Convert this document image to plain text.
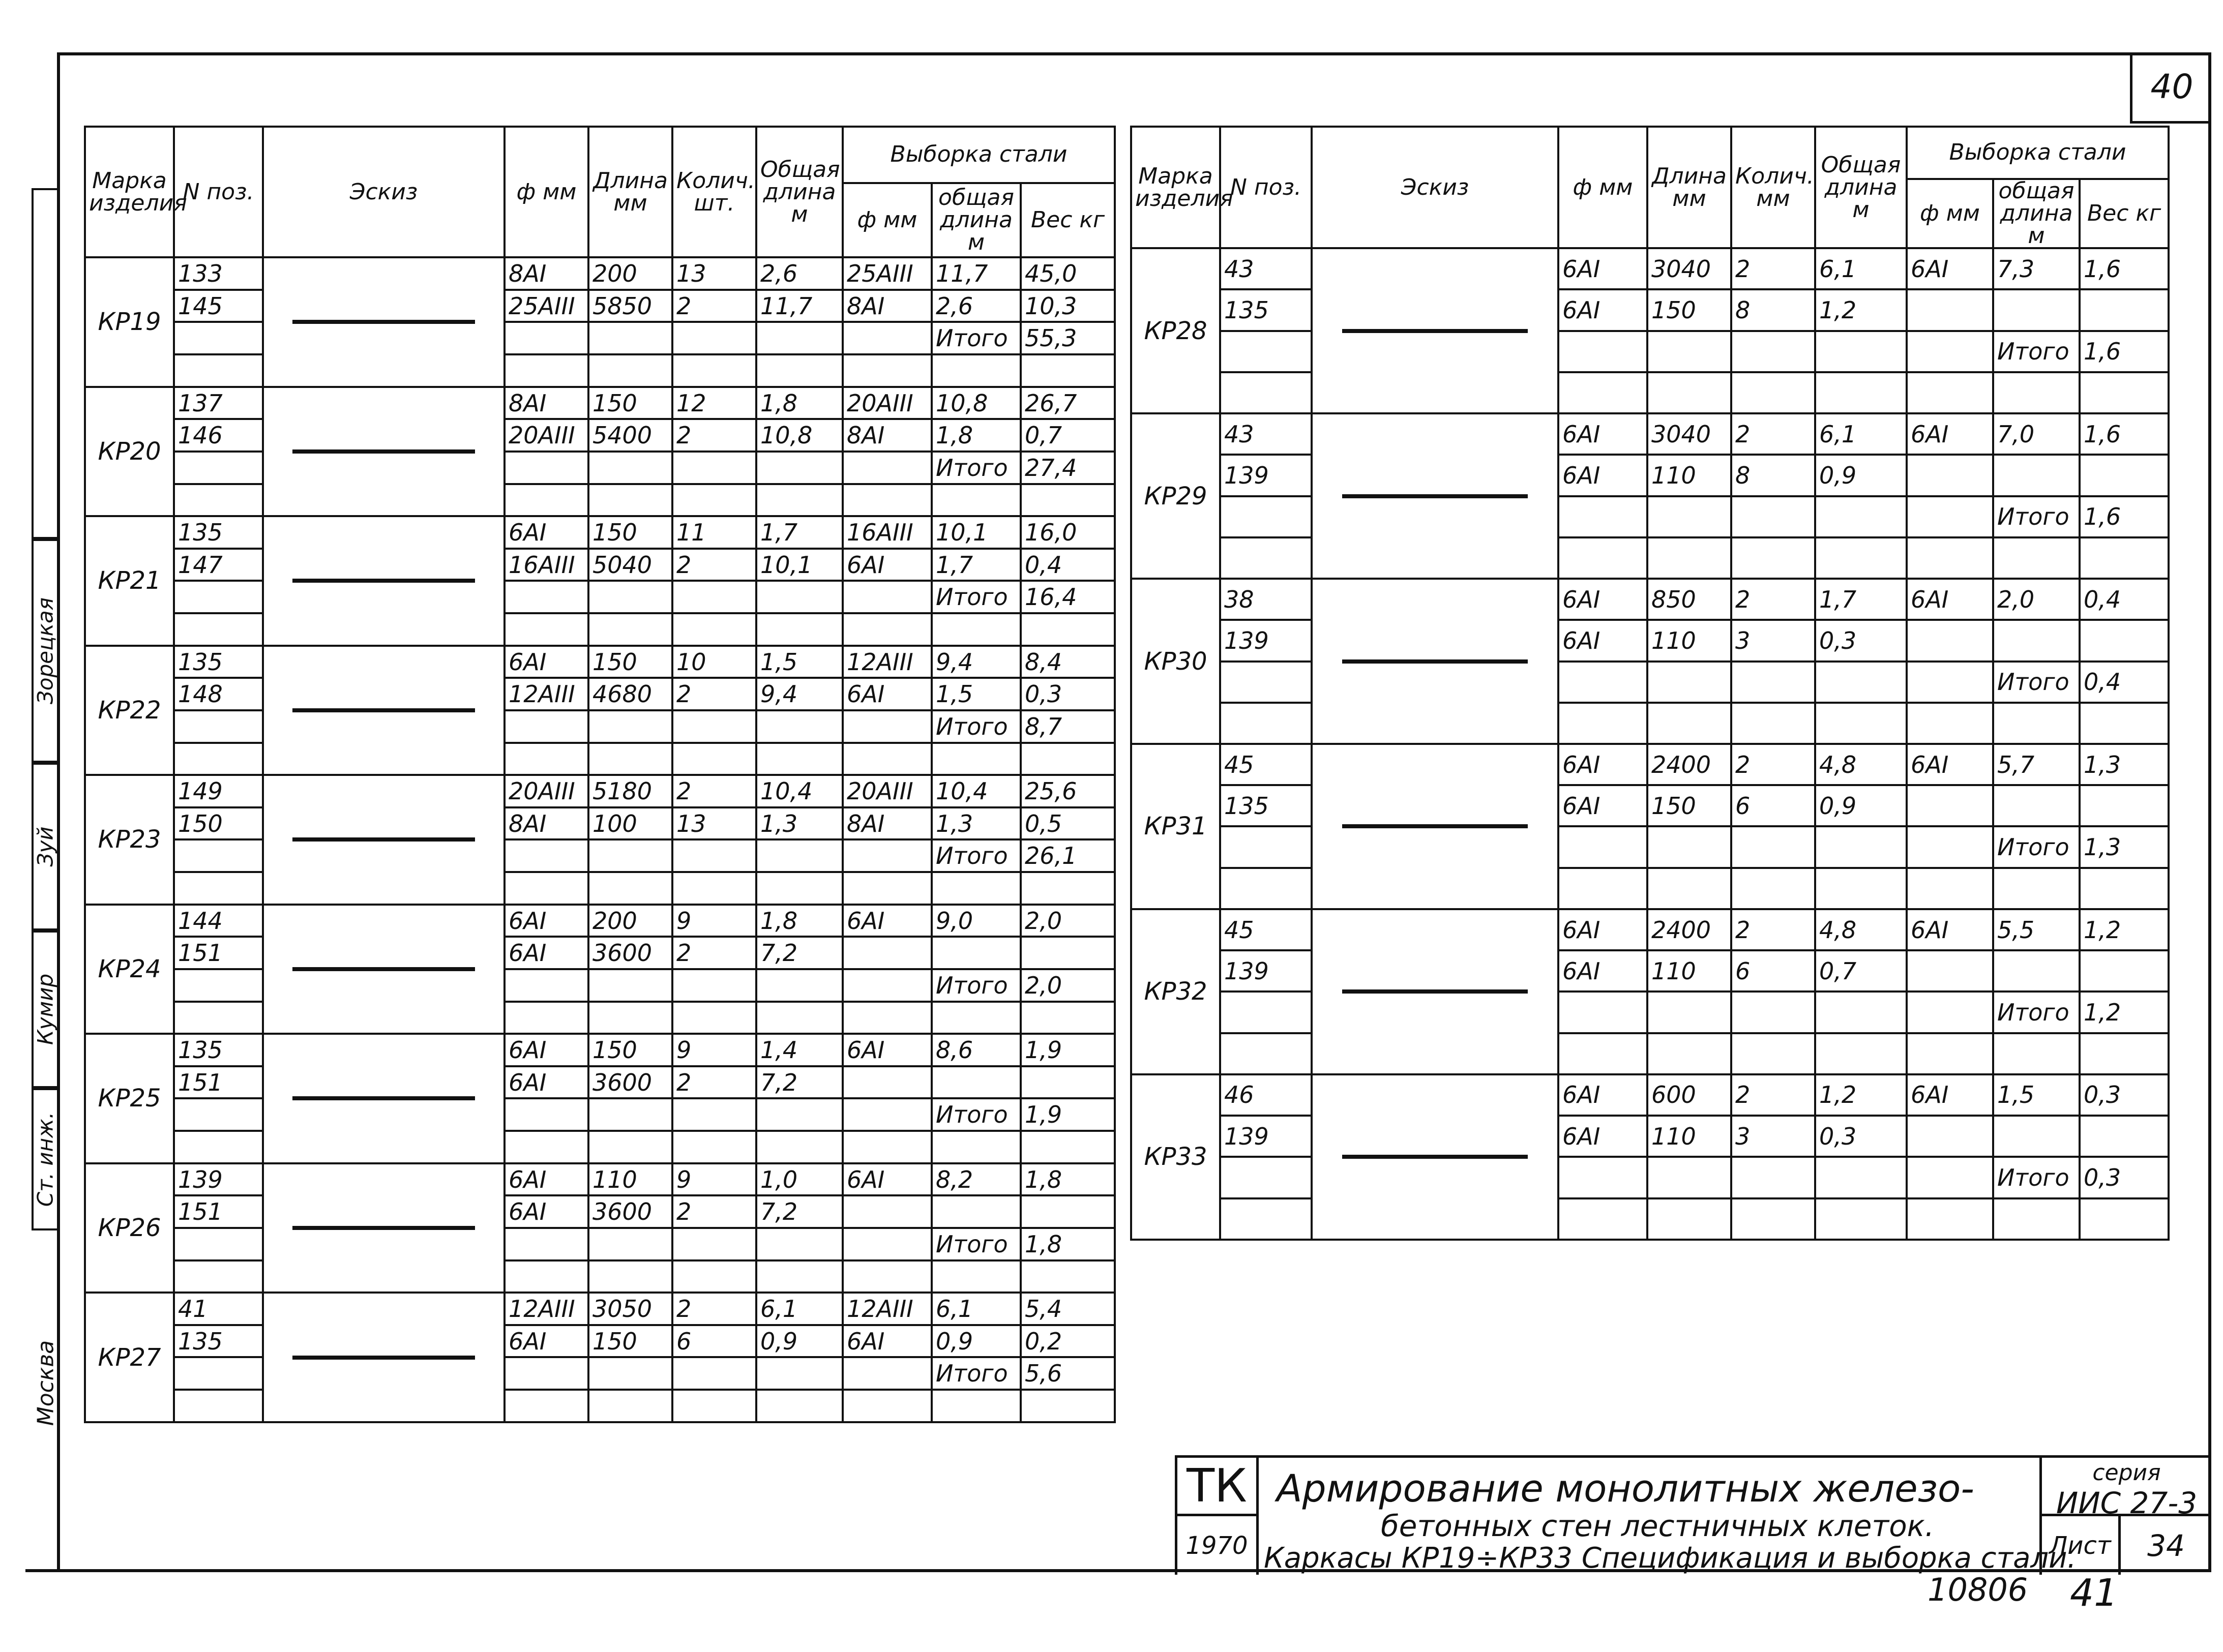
40
Марка изделия	N поз.	Эскиз	ф мм	Длина мм	Колич. шт.	Общая длина м	Выборка стали		
							ф мм	общая длина м	Вес кг
КР19	133		8AI	200	13	2,6	25AIII	11,7	45,0
	145		25AIII	5850	2	11,7	8AI	2,6	10,3
								Итого	55,3

КР20	137		8AI	150	12	1,8	20AIII	10,8	26,7
	146		20AIII	5400	2	10,8	8AI	1,8	0,7
								Итого	27,4

КР21	135		6AI	150	11	1,7	16AIII	10,1	16,0
	147		16AIII	5040	2	10,1	6AI	1,7	0,4
								Итого	16,4

КР22	135		6AI	150	10	1,5	12AIII	9,4	8,4
	148		12AIII	4680	2	9,4	6AI	1,5	0,3
								Итого	8,7

КР23	149		20AIII	5180	2	10,4	20AIII	10,4	25,6
	150		8AI	100	13	1,3	8AI	1,3	0,5
								Итого	26,1

КР24	144		6AI	200	9	1,8	6AI	9,0	2,0
	151		6AI	3600	2	7,2			
								Итого	2,0

КР25	135		6AI	150	9	1,4	6AI	8,6	1,9
	151		6AI	3600	2	7,2			
								Итого	1,9

КР26	139		6AI	110	9	1,0	6AI	8,2	1,8
	151		6AI	3600	2	7,2			
								Итого	1,8

КР27	41		12AIII	3050	2	6,1	12AIII	6,1	5,4
	135		6AI	150	6	0,9	6AI	0,9	0,2
								Итого	5,6

Марка изделия	N поз.	Эскиз	ф мм	Длина мм	Колич. мм	Общая длина м	Выборка стали		
							ф мм	общая длина м	Вес кг
КР28	43		6AI	3040	2	6,1	6AI	7,3	1,6
	135		6AI	150	8	1,2			
								Итого	1,6

КР29	43		6AI	3040	2	6,1	6AI	7,0	1,6
	139		6AI	110	8	0,9			
								Итого	1,6

КР30	38		6AI	850	2	1,7	6AI	2,0	0,4
	139		6AI	110	3	0,3			
								Итого	0,4

КР31	45		6AI	2400	2	4,8	6AI	5,7	1,3
	135		6AI	150	6	0,9			
								Итого	1,3

КР32	45		6AI	2400	2	4,8	6AI	5,5	1,2
	139		6AI	110	6	0,7			
								Итого	1,2

КР33	46		6AI	600	2	1,2	6AI	1,5	0,3
	139		6AI	110	3	0,3			
								Итого	0,3

Ст. инж.
Кумир
Зуй
Зорецкая
Москва
ТК
1970
Армирование монолитных железо-
бетонных стен лестничных клеток.
Каркасы КР19÷КР33 Спецификация и выборка стали.
серия
ИИС 27-3
Лист	34
10806 41
